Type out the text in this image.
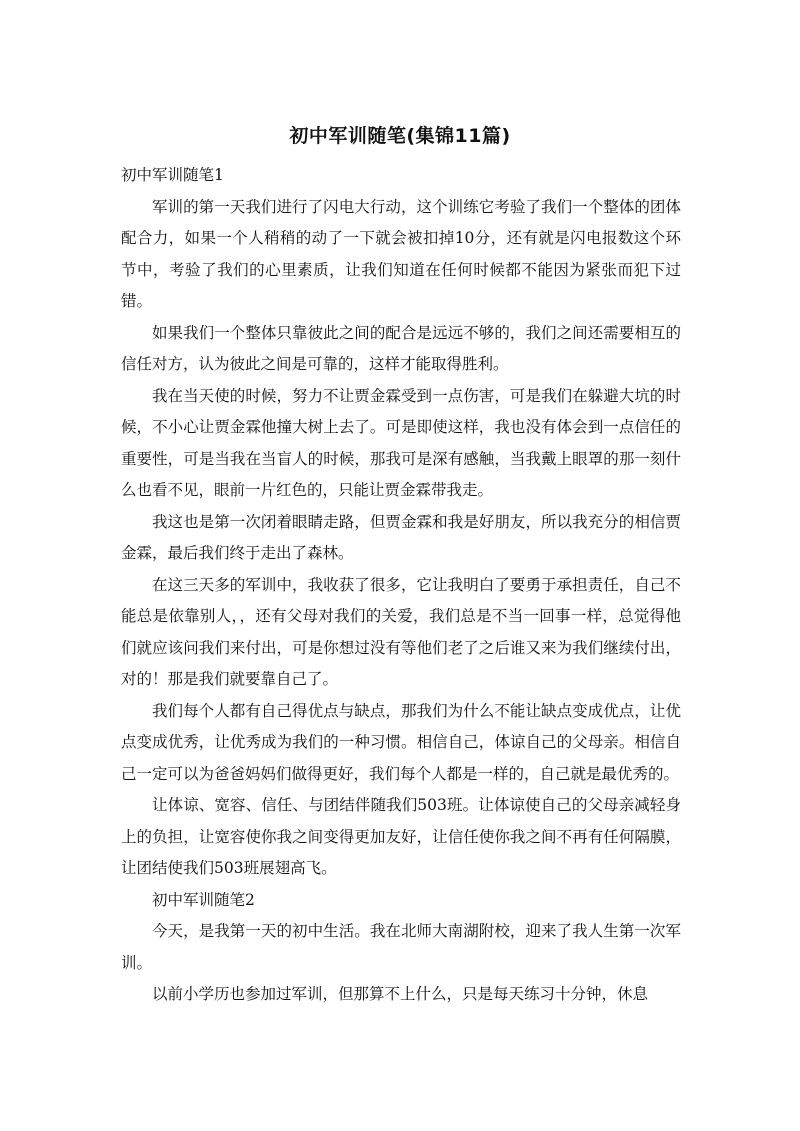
初中军训随笔(集锦11篇)

初中军训随笔1

军训的第一天我们进行了闪电大行动，这个训练它考验了我们一个整体的团体配合力，如果一个人稍稍的动了一下就会被扣掉10分，还有就是闪电报数这个环节中，考验了我们的心里素质，让我们知道在任何时候都不能因为紧张而犯下过错。

如果我们一个整体只靠彼此之间的配合是远远不够的，我们之间还需要相互的信任对方，认为彼此之间是可靠的，这样才能取得胜利。

我在当天使的时候，努力不让贾金霖受到一点伤害，可是我们在躲避大坑的时候，不小心让贾金霖他撞大树上去了。可是即使这样，我也没有体会到一点信任的重要性，可是当我在当盲人的时候，那我可是深有感触，当我戴上眼罩的那一刻什么也看不见，眼前一片红色的，只能让贾金霖带我走。

我这也是第一次闭着眼睛走路，但贾金霖和我是好朋友，所以我充分的相信贾金霖，最后我们终于走出了森林。

在这三天多的军训中，我收获了很多，它让我明白了要勇于承担责任，自己不能总是依靠别人，，还有父母对我们的关爱，我们总是不当一回事一样，总觉得他们就应该问我们来付出，可是你想过没有等他们老了之后谁又来为我们继续付出，对的！那是我们就要靠自己了。

我们每个人都有自己得优点与缺点，那我们为什么不能让缺点变成优点，让优点变成优秀，让优秀成为我们的一种习惯。相信自己，体谅自己的父母亲。相信自己一定可以为爸爸妈妈们做得更好，我们每个人都是一样的，自己就是最优秀的。

让体谅、宽容、信任、与团结伴随我们503班。让体谅使自己的父母亲减轻身上的负担，让宽容使你我之间变得更加友好，让信任使你我之间不再有任何隔膜，让团结使我们503班展翅高飞。

初中军训随笔2

今天，是我第一天的初中生活。我在北师大南湖附校，迎来了我人生第一次军训。

以前小学历也参加过军训，但那算不上什么，只是每天练习十分钟，休息
